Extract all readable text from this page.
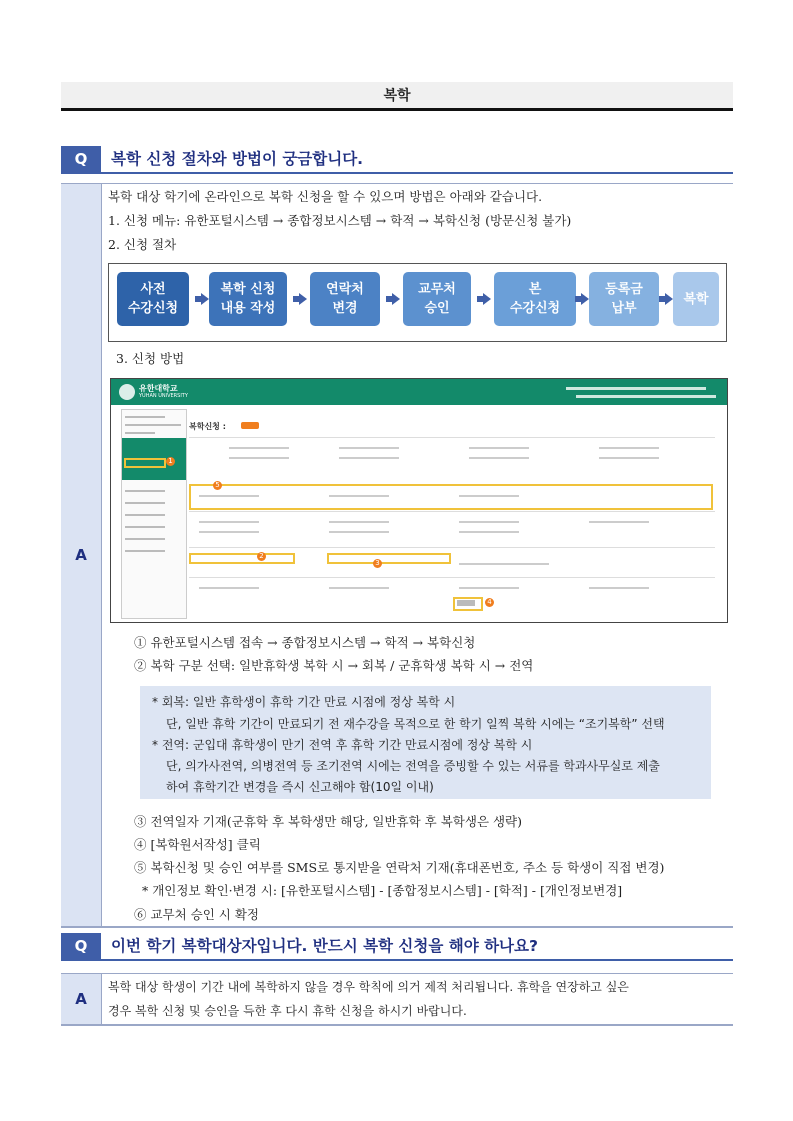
복학
Q	복학 신청 절차와 방법이 궁금합니다.
A
복학 대상 학기에 온라인으로 복학 신청을 할 수 있으며 방법은 아래와 같습니다.
1. 신청 메뉴: 유한포털시스템 → 종합정보시스템 → 학적 → 복학신청 (방문신청 불가)
2. 신청 절차
사전
수강신청
복학 신청
내용 작성
연락처
변경
교무처
승인
본
수강신청
등록금
납부
복학
3. 신청 방법
유한대학교
YUHAN UNIVERSITY
1
복학신청 :
5
2
3
4
① 유한포털시스템 접속 → 종합정보시스템 → 학적 → 복학신청
② 복학 구분 선택: 일반휴학생 복학 시 → 회복 / 군휴학생 복학 시 → 전역
* 회복: 일반 휴학생이 휴학 기간 만료 시점에 정상 복학 시
단, 일반 휴학 기간이 만료되기 전 재수강을 목적으로 한 학기 일찍 복학 시에는 “조기복학” 선택
* 전역: 군입대 휴학생이 만기 전역 후 휴학 기간 만료시점에 정상 복학 시
단, 의가사전역, 의병전역 등 조기전역 시에는 전역을 증빙할 수 있는 서류를 학과사무실로 제출
하여 휴학기간 변경을 즉시 신고해야 함(10일 이내)
③ 전역일자 기재(군휴학 후 복학생만 해당, 일반휴학 후 복학생은 생략)
④ [복학원서작성] 클릭
⑤ 복학신청 및 승인 여부를 SMS로 통지받을 연락처 기재(휴대폰번호, 주소 등 학생이 직접 변경)
* 개인정보 확인·변경 시: [유한포털시스템] - [종합정보시스템] - [학적] - [개인정보변경]
⑥ 교무처 승인 시 확정
Q	이번 학기 복학대상자입니다. 반드시 복학 신청을 해야 하나요?
A
복학 대상 학생이 기간 내에 복학하지 않을 경우 학칙에 의거 제적 처리됩니다. 휴학을 연장하고 싶은
경우 복학 신청 및 승인을 득한 후 다시 휴학 신청을 하시기 바랍니다.
